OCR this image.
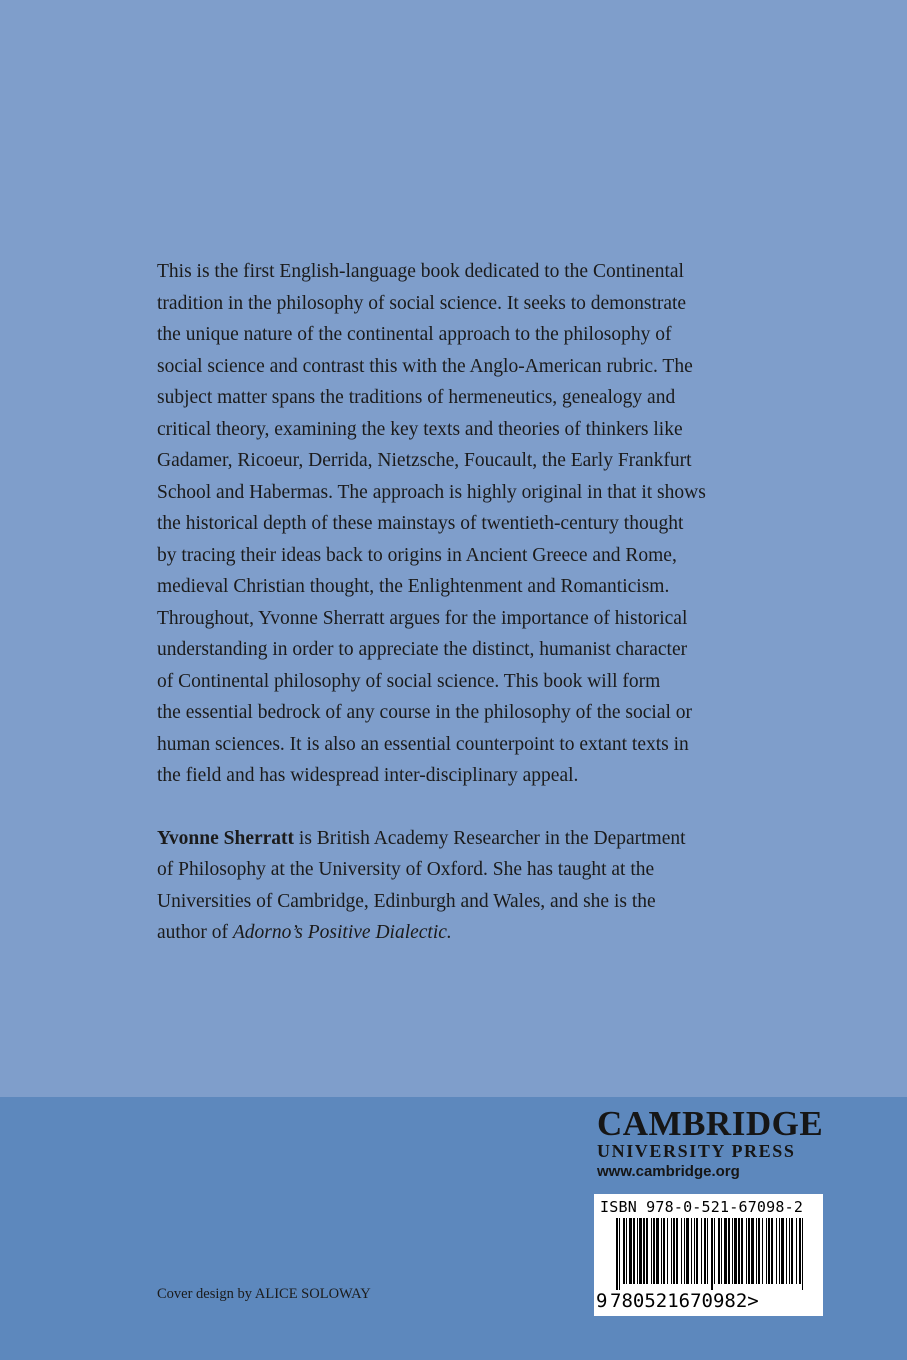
This is the first English-language book dedicated to the Continental
tradition in the philosophy of social science. It seeks to demonstrate
the unique nature of the continental approach to the philosophy of
social science and contrast this with the Anglo-American rubric. The
subject matter spans the traditions of hermeneutics, genealogy and
critical theory, examining the key texts and theories of thinkers like
Gadamer, Ricoeur, Derrida, Nietzsche, Foucault, the Early Frankfurt
School and Habermas. The approach is highly original in that it shows
the historical depth of these mainstays of twentieth-century thought
by tracing their ideas back to origins in Ancient Greece and Rome,
medieval Christian thought, the Enlightenment and Romanticism.
Throughout, Yvonne Sherratt argues for the importance of historical
understanding in order to appreciate the distinct, humanist character
of Continental philosophy of social science. This book will form
the essential bedrock of any course in the philosophy of the social or
human sciences. It is also an essential counterpoint to extant texts in
the field and has widespread inter-disciplinary appeal.

Yvonne Sherratt is British Academy Researcher in the Department
of Philosophy at the University of Oxford. She has taught at the
Universities of Cambridge, Edinburgh and Wales, and she is the
author of Adorno’s Positive Dialectic.

CAMBRIDGE
UNIVERSITY PRESS
www.cambridge.org
ISBN 978-0-521-67098-2
9 780521670982>
Cover design by ALICE SOLOWAY
